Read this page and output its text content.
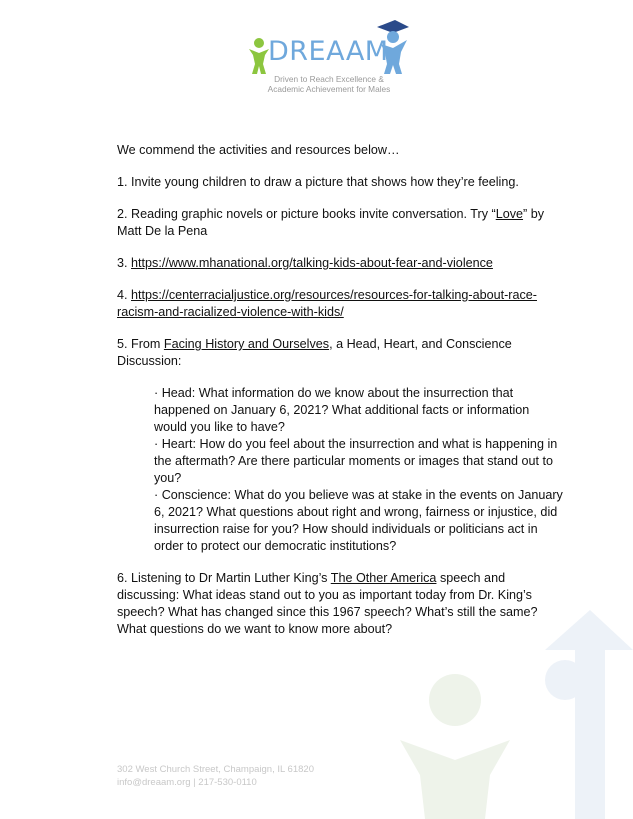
DREAAM
Driven to Reach Excellence &
Academic Achievement for Males

We commend the activities and resources below…

1. Invite young children to draw a picture that shows how they’re feeling.

2. Reading graphic novels or picture books invite conversation. Try “Love” by Matt De la Pena

3. https://www.mhanational.org/talking-kids-about-fear-and-violence

4. https://centerracialjustice.org/resources/resources-for-talking-about-race-racism-and-racialized-violence-with-kids/

5. From Facing History and Ourselves, a Head, Heart, and Conscience Discussion:

· Head: What information do we know about the insurrection that happened on January 6, 2021? What additional facts or information would you like to have?
· Heart: How do you feel about the insurrection and what is happening in the aftermath? Are there particular moments or images that stand out to you?
· Conscience: What do you believe was at stake in the events on January 6, 2021? What questions about right and wrong, fairness or injustice, did insurrection raise for you? How should individuals or politicians act in order to protect our democratic institutions?

6. Listening to Dr Martin Luther King’s The Other America speech and discussing: What ideas stand out to you as important today from Dr. King’s speech? What has changed since this 1967 speech? What’s still the same? What questions do we want to know more about?

302 West Church Street, Champaign, IL 61820
info@dreaam.org | 217-530-0110
